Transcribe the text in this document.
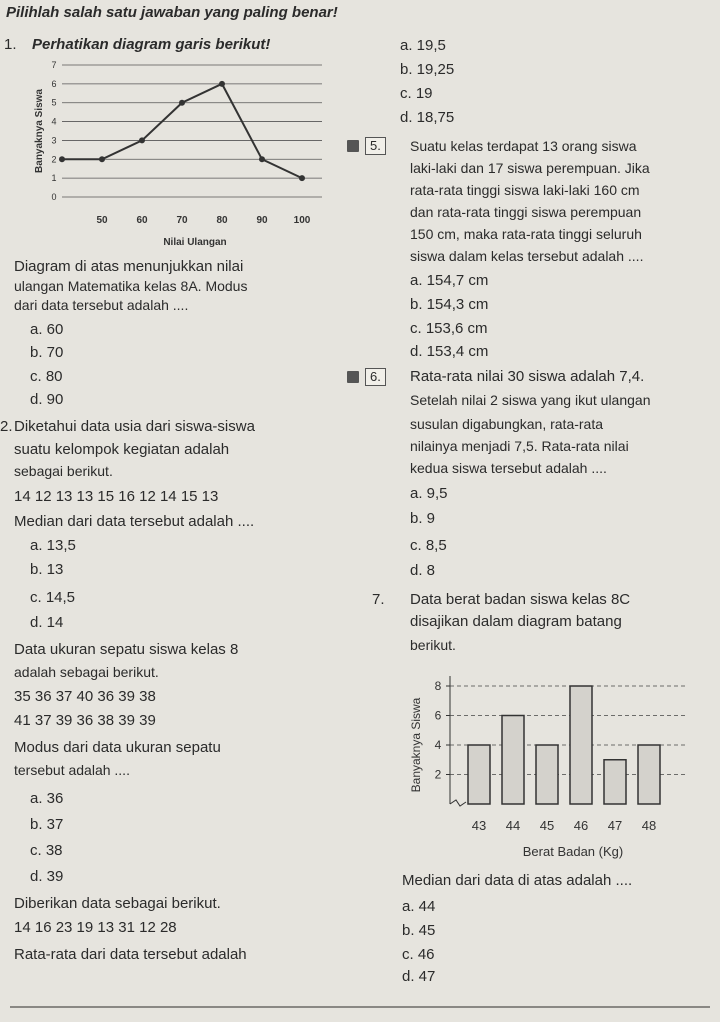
Pilihlah salah satu jawaban yang paling benar!
1. Perhatikan diagram garis berikut!
0
1
2
3
4
5
6
7
Banyaknya Siswa
50	60	70	80	90	100
Nilai Ulangan
Diagram di atas menunjukkan nilai
ulangan Matematika kelas 8A. Modus
dari data tersebut adalah ....
a. 60
b. 70
c. 80
d. 90
2. Diketahui data usia dari siswa-siswa
suatu kelompok kegiatan adalah
sebagai berikut.
14 12 13 13 15 16 12 14 15 13
Median dari data tersebut adalah ....
a. 13,5
b. 13
c. 14,5
d. 14
Data ukuran sepatu siswa kelas 8
adalah sebagai berikut.
35 36 37 40 36 39 38
41 37 39 36 38 39 39
Modus dari data ukuran sepatu
tersebut adalah ....
a. 36
b. 37
c. 38
d. 39
Diberikan data sebagai berikut.
14 16 23 19 13 31 12 28
Rata-rata dari data tersebut adalah
a. 19,5
b. 19,25
c. 19
d. 18,75
5.	Suatu kelas terdapat 13 orang siswa
laki-laki dan 17 siswa perempuan. Jika
rata-rata tinggi siswa laki-laki 160 cm
dan rata-rata tinggi siswa perempuan
150 cm, maka rata-rata tinggi seluruh
siswa dalam kelas tersebut adalah ....
a. 154,7 cm
b. 154,3 cm
c. 153,6 cm
d. 153,4 cm
6.	Rata-rata nilai 30 siswa adalah 7,4.
Setelah nilai 2 siswa yang ikut ulangan
susulan digabungkan, rata-rata
nilainya menjadi 7,5. Rata-rata nilai
kedua siswa tersebut adalah ....
a. 9,5
b. 9
c. 8,5
d. 8
7. Data berat badan siswa kelas 8C
disajikan dalam diagram batang
berikut.
2
4
6
8
Banyaknya Siswa
43 44 45 46 47 48
Berat Badan (Kg)
Median dari data di atas adalah ....
a. 44
b. 45
c. 46
d. 47
